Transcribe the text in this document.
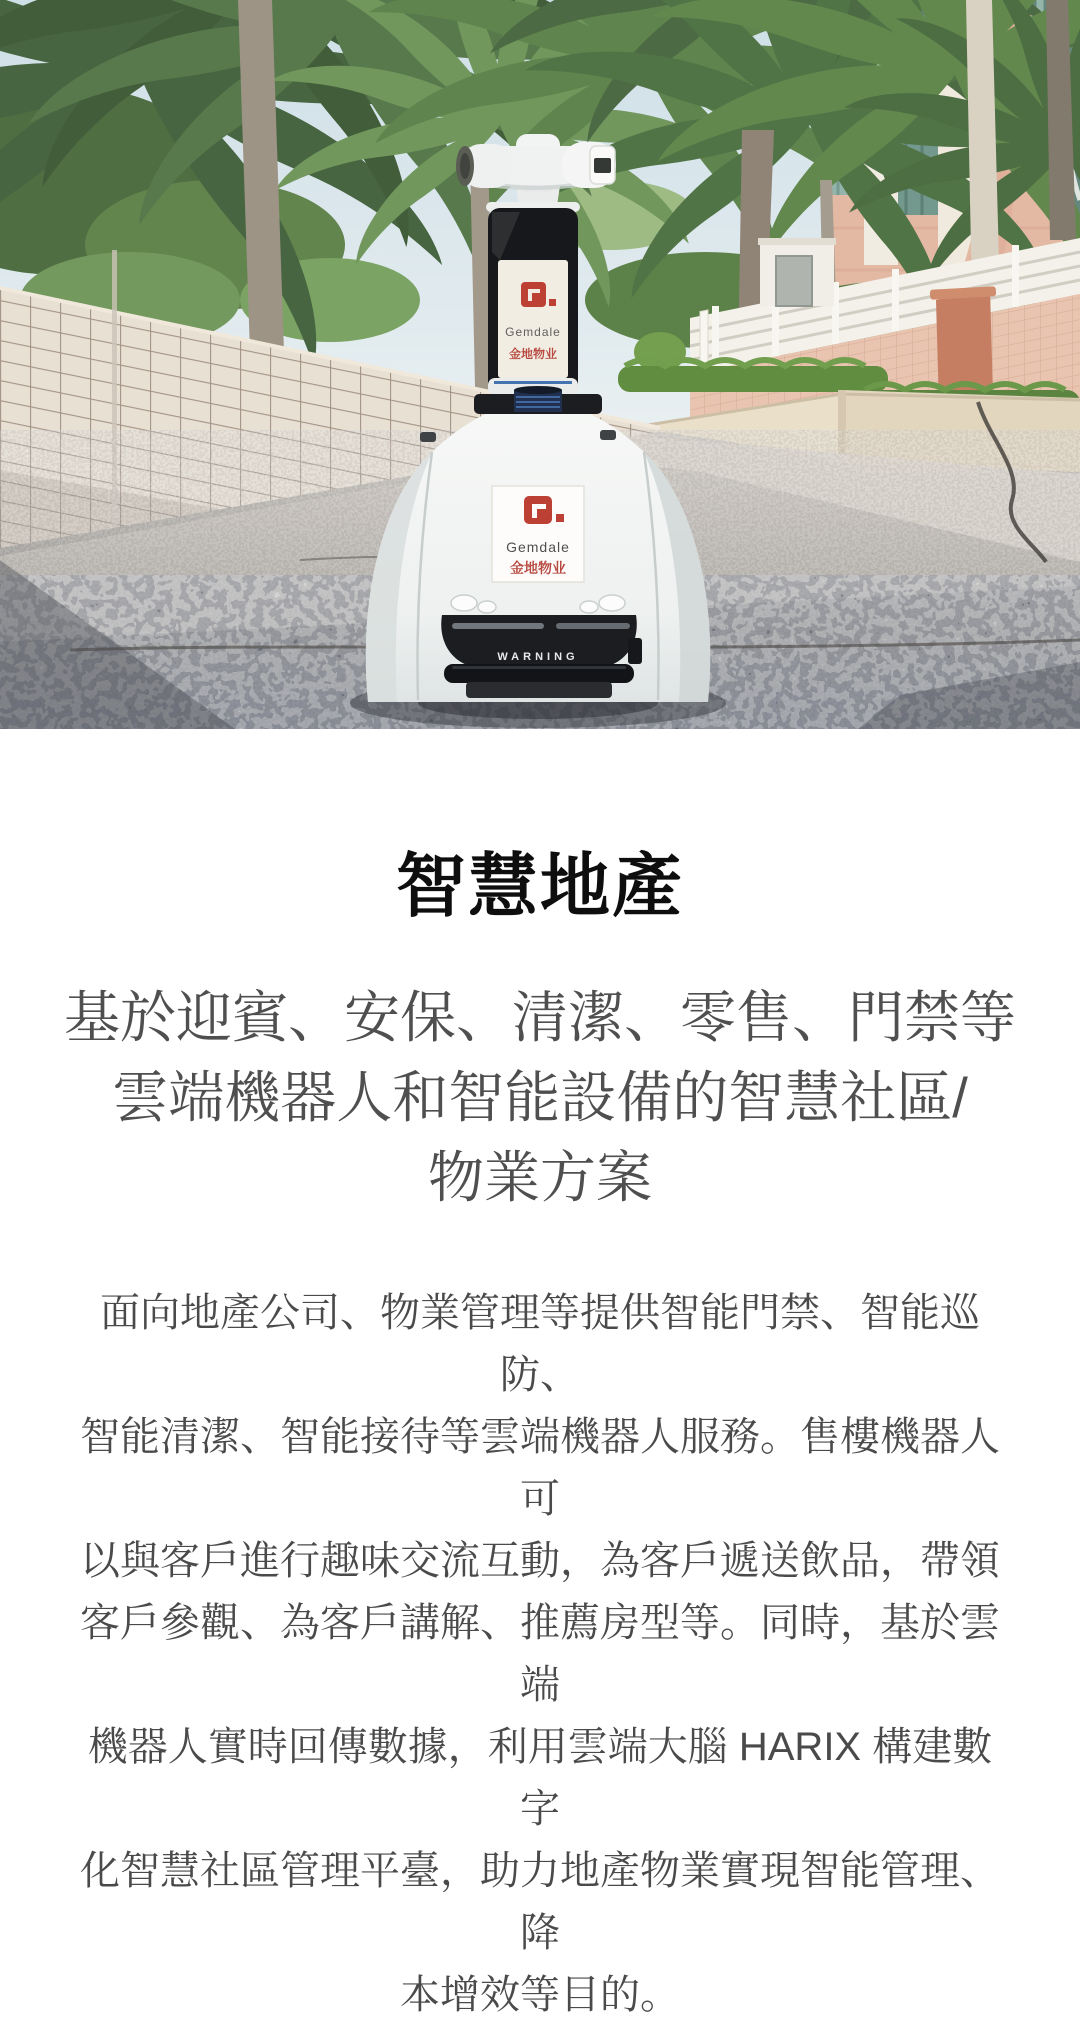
Gemdale
金地物业
WARNING
Gemdale
金地物业
智慧地產
基於迎賓、安保、清潔、零售、門禁等
雲端機器人和智能設備的智慧社區/
物業方案
面向地產公司、物業管理等提供智能門禁、智能巡防、
智能清潔、智能接待等雲端機器人服務。售樓機器人可
以與客戶進行趣味交流互動，為客戶遞送飲品，帶領
客戶參觀、為客戶講解、推薦房型等。同時，基於雲端
機器人實時回傳數據，利用雲端大腦 HARIX 構建數字
化智慧社區管理平臺，助力地產物業實現智能管理、降
本增效等目的。
